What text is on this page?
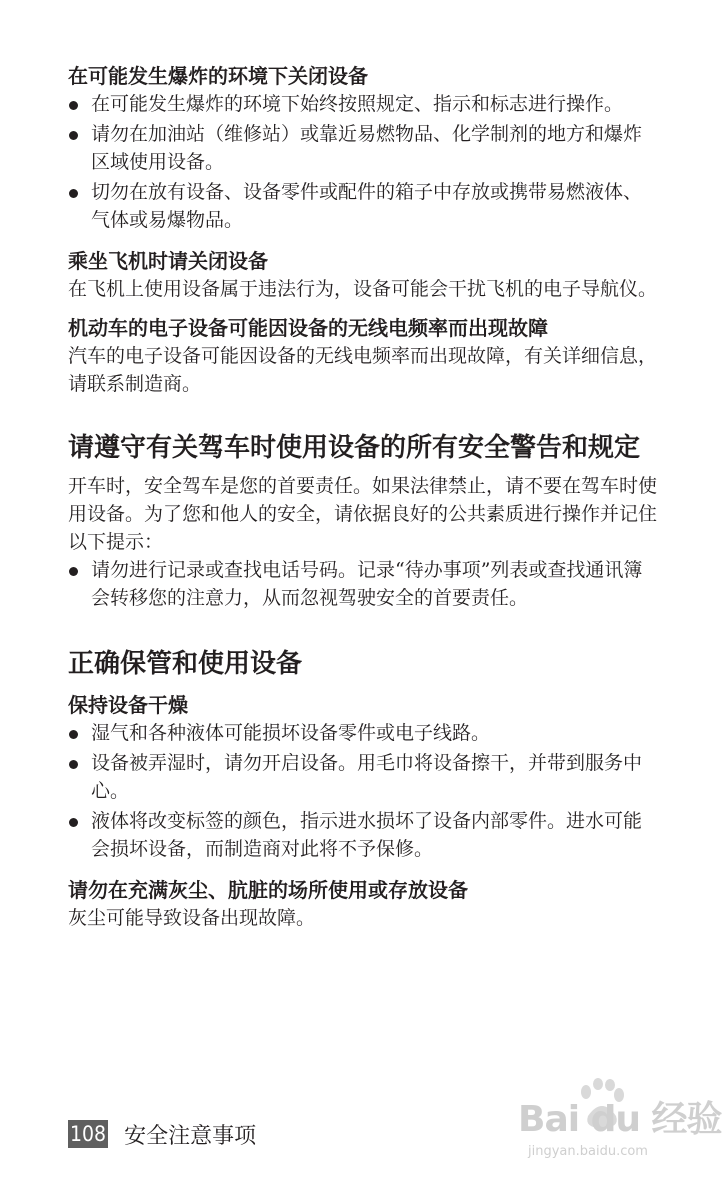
在可能发生爆炸的环境下关闭设备
在可能发生爆炸的环境下始终按照规定、指示和标志进行操作。
请勿在加油站（维修站）或靠近易燃物品、化学制剂的地方和爆炸区域使用设备。
切勿在放有设备、设备零件或配件的箱子中存放或携带易燃液体、气体或易爆物品。
乘坐飞机时请关闭设备

在飞机上使用设备属于违法行为，设备可能会干扰飞机的电子导航仪。

机动车的电子设备可能因设备的无线电频率而出现故障

汽车的电子设备可能因设备的无线电频率而出现故障，有关详细信息，请联系制造商。

请遵守有关驾车时使用设备的所有安全警告和规定

开车时，安全驾车是您的首要责任。如果法律禁止，请不要在驾车时使用设备。为了您和他人的安全，请依据良好的公共素质进行操作并记住以下提示：

请勿进行记录或查找电话号码。记录“待办事项”列表或查找通讯簿会转移您的注意力，从而忽视驾驶安全的首要责任。
正确保管和使用设备
保持设备干燥
湿气和各种液体可能损坏设备零件或电子线路。
设备被弄湿时，请勿开启设备。用毛巾将设备擦干，并带到服务中心。
液体将改变标签的颜色，指示进水损坏了设备内部零件。进水可能会损坏设备，而制造商对此将不予保修。
请勿在充满灰尘、肮脏的场所使用或存放设备

灰尘可能导致设备出现故障。

108 安全注意事项	Bai du 经验
jingyan.baidu.com
